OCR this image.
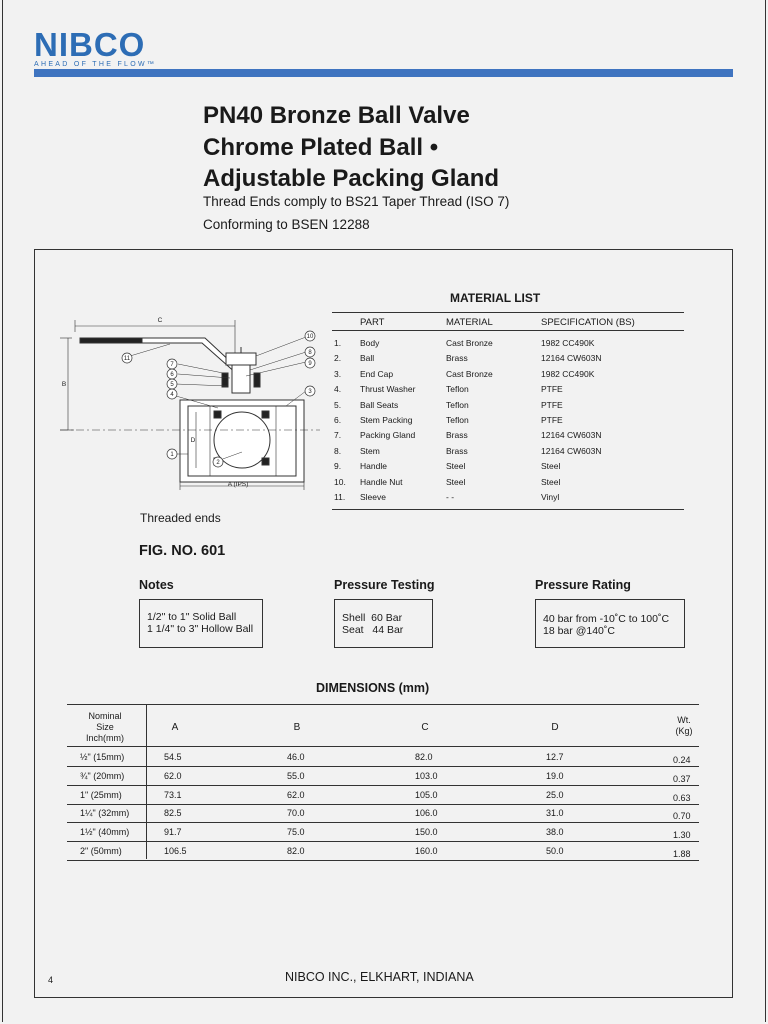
NIBCO
AHEAD OF THE FLOW™
PN40 Bronze Ball Valve
Chrome Plated Ball •
Adjustable Packing Gland
Thread Ends comply to BS21 Taper Thread (ISO 7)
Conforming to BSEN 12288
C
B
D
A (IPS)
11
7
6
5
4
1
10
8
9
3
2
MATERIAL LIST
PART	MATERIAL	SPECIFICATION (BS)
1. Body	Cast Bronze	1982 CC490K
2. Ball	Brass	12164 CW603N
3. End Cap	Cast Bronze	1982 CC490K
4. Thrust Washer	Teflon	PTFE
5. Ball Seats	Teflon	PTFE
6. Stem Packing	Teflon	PTFE
7. Packing Gland	Brass	12164 CW603N
8. Stem	Brass	12164 CW603N
9. Handle	Steel	Steel
10. Handle Nut	Steel	Steel
11. Sleeve	- -	Vinyl
Threaded ends
FIG. NO. 601
Notes
1/2" to 1" Solid Ball
1 1/4" to 3" Hollow Ball
Pressure Testing
Shell  60 Bar
Seat   44 Bar
Pressure Rating
40 bar from -10˚C to 100˚C
18 bar @140˚C
DIMENSIONS (mm)
Nominal
Size
Inch(mm)
A	B	C	D
Wt.
(Kg)
½" (15mm)	54.5	46.0	82.0	12.7	0.24
¾" (20mm)	62.0	55.0	103.0	19.0	0.37
1" (25mm)	73.1	62.0	105.0	25.0	0.63
1¼" (32mm)	82.5	70.0	106.0	31.0	0.70
1½" (40mm)	91.7	75.0	150.0	38.0	1.30
2" (50mm)	106.5	82.0	160.0	50.0	1.88
4	NIBCO INC., ELKHART, INDIANA
